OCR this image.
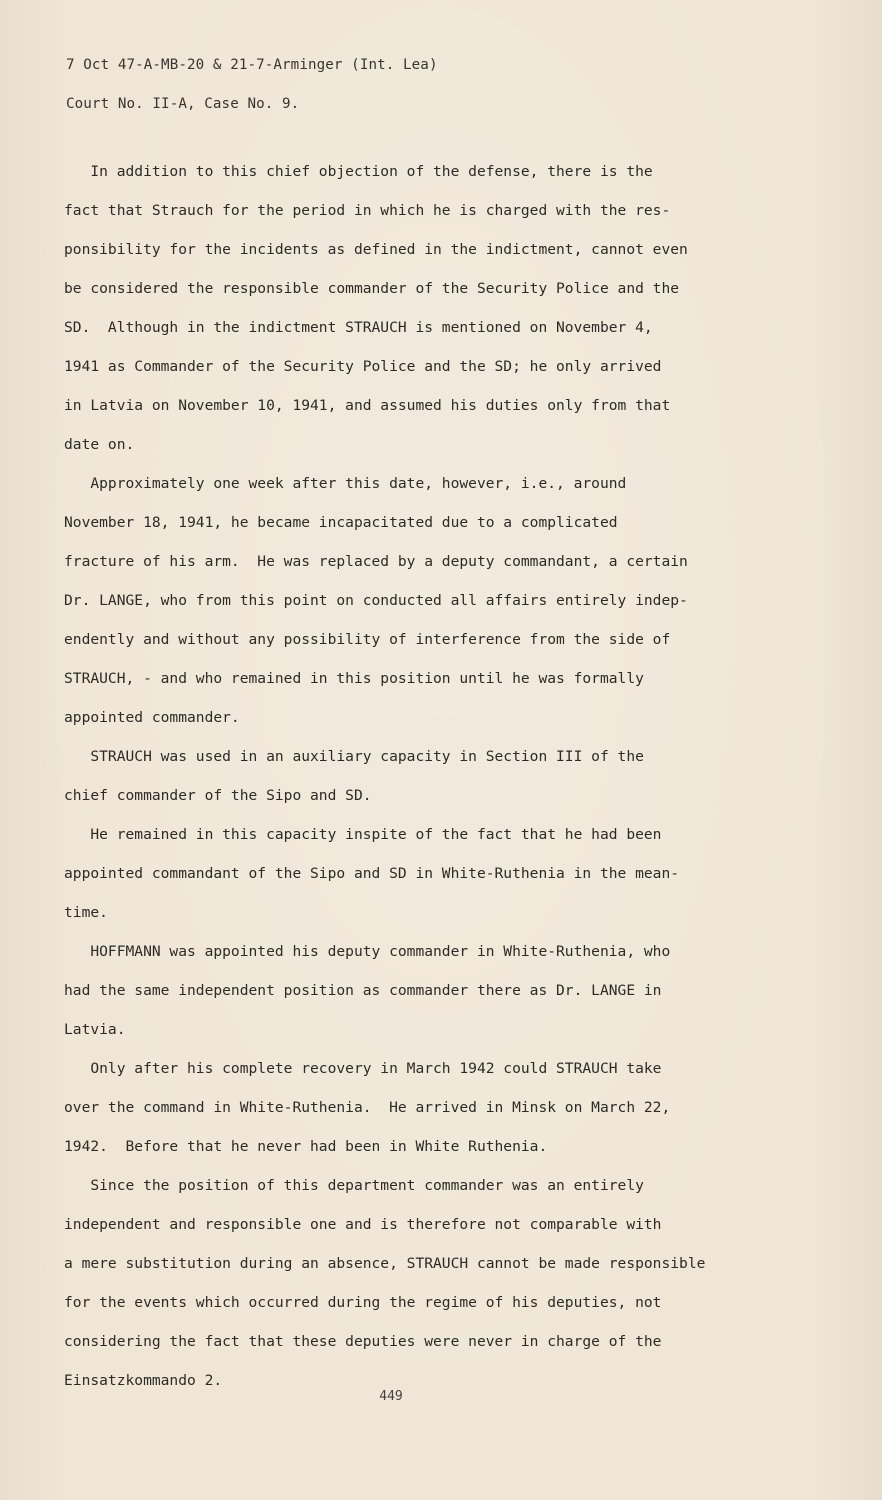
7 Oct 47-A-MB-20 & 21-7-Arminger (Int. Lea)
Court No. II-A, Case No. 9.
In addition to this chief objection of the defense, there is the
fact that Strauch for the period in which he is charged with the res-
ponsibility for the incidents as defined in the indictment, cannot even
be considered the responsible commander of the Security Police and the
SD.  Although in the indictment STRAUCH is mentioned on November 4,
1941 as Commander of the Security Police and the SD; he only arrived
in Latvia on November 10, 1941, and assumed his duties only from that
date on.
Approximately one week after this date, however, i.e., around
November 18, 1941, he became incapacitated due to a complicated
fracture of his arm.  He was replaced by a deputy commandant, a certain
Dr. LANGE, who from this point on conducted all affairs entirely indep-
endently and without any possibility of interference from the side of
STRAUCH, - and who remained in this position until he was formally
appointed commander.
STRAUCH was used in an auxiliary capacity in Section III of the
chief commander of the Sipo and SD.
He remained in this capacity inspite of the fact that he had been
appointed commandant of the Sipo and SD in White-Ruthenia in the mean-
time.
HOFFMANN was appointed his deputy commander in White-Ruthenia, who
had the same independent position as commander there as Dr. LANGE in
Latvia.
Only after his complete recovery in March 1942 could STRAUCH take
over the command in White-Ruthenia.  He arrived in Minsk on March 22,
1942.  Before that he never had been in White Ruthenia.
Since the position of this department commander was an entirely
independent and responsible one and is therefore not comparable with
a mere substitution during an absence, STRAUCH cannot be made responsible
for the events which occurred during the regime of his deputies, not
considering the fact that these deputies were never in charge of the
Einsatzkommando 2.
449
